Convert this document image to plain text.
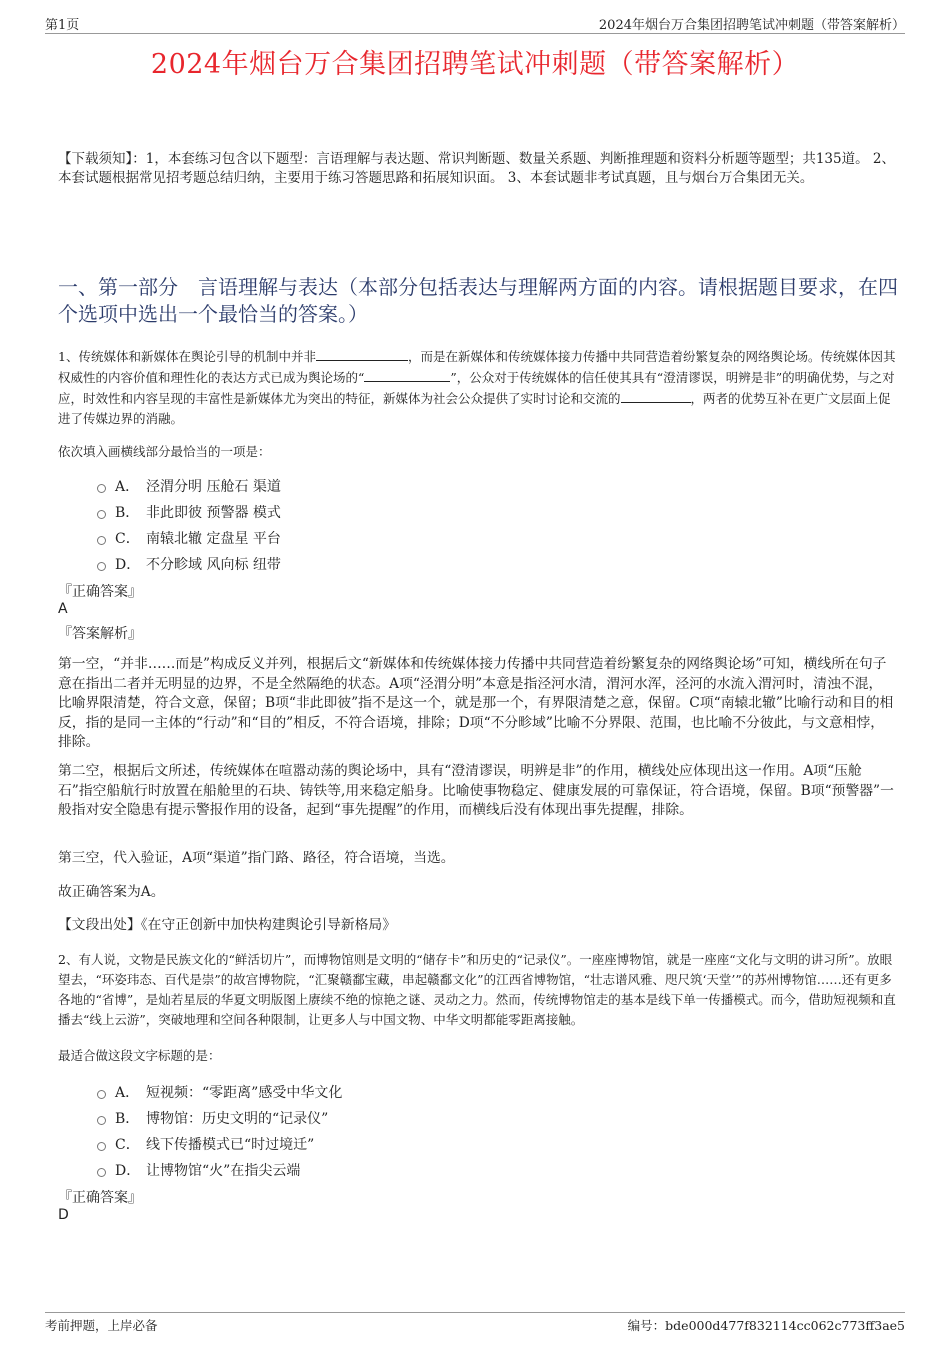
第1页	2024年烟台万合集团招聘笔试冲刺题（带答案解析）
2024年烟台万合集团招聘笔试冲刺题（带答案解析）
【下载须知】：1，本套练习包含以下题型：言语理解与表达题、常识判断题、数量关系题、判断推理题和资料分析题等题型；共135道。 2、本套试题根据常见招考题总结归纳，主要用于练习答题思路和拓展知识面。 3、本套试题非考试真题，且与烟台万合集团无关。
一、第一部分 言语理解与表达（本部分包括表达与理解两方面的内容。请根据题目要求，在四个选项中选出一个最恰当的答案。）
1、传统媒体和新媒体在舆论引导的机制中并非	，而是在新媒体和传统媒体接力传播中共同营造着纷繁复杂的网络舆论场。传统媒体因其权威性的内容价值和理性化的表达方式已成为舆论场的“	”，公众对于传统媒体的信任使其具有“澄清谬误，明辨是非”的明确优势，与之对应，时效性和内容呈现的丰富性是新媒体尤为突出的特征，新媒体为社会公众提供了实时讨论和交流的	，两者的优势互补在更广文层面上促进了传媒边界的消融。
依次填入画横线部分最恰当的一项是：
A． 泾渭分明 压舱石 渠道
B． 非此即彼 预警器 模式
C． 南辕北辙 定盘星 平台
D． 不分畛域 风向标 纽带
『正确答案』
A
『答案解析』
第一空，“并非……而是”构成反义并列，根据后文“新媒体和传统媒体接力传播中共同营造着纷繁复杂的网络舆论场”可知，横线所在句子意在指出二者并无明显的边界，不是全然隔绝的状态。A项“泾渭分明”本意是指泾河水清，渭河水浑，泾河的水流入渭河时，清浊不混，比喻界限清楚，符合文意，保留；B项“非此即彼”指不是这一个，就是那一个，有界限清楚之意，保留。C项“南辕北辙”比喻行动和目的相反，指的是同一主体的“行动”和“目的”相反，不符合语境，排除；D项“不分畛域”比喻不分界限、范围，也比喻不分彼此，与文意相悖，排除。
第二空，根据后文所述，传统媒体在喧嚣动荡的舆论场中，具有“澄清谬误，明辨是非”的作用，横线处应体现出这一作用。A项“压舱石”指空船航行时放置在船舱里的石块、铸铁等,用来稳定船身。比喻使事物稳定、健康发展的可靠保证，符合语境，保留。B项“预警器”一般指对安全隐患有提示警报作用的设备，起到“事先提醒”的作用，而横线后没有体现出事先提醒，排除。
第三空，代入验证，A项“渠道”指门路、路径，符合语境，当选。
故正确答案为A。
【文段出处】《在守正创新中加快构建舆论引导新格局》
2、有人说，文物是民族文化的“鲜活切片”，而博物馆则是文明的“储存卡”和历史的“记录仪”。一座座博物馆，就是一座座“文化与文明的讲习所”。放眼望去，“环姿玮态、百代是崇”的故宫博物院，“汇聚赣鄱宝藏，串起赣鄱文化”的江西省博物馆，“壮志谱风雅、咫尺筑‘天堂’”的苏州博物馆……还有更多各地的“省博”，是灿若星辰的华夏文明版图上赓续不绝的惊艳之谜、灵动之力。然而，传统博物馆走的基本是线下单一传播模式。而今，借助短视频和直播去“线上云游”，突破地理和空间各种限制，让更多人与中国文物、中华文明都能零距离接触。
最适合做这段文字标题的是：
A． 短视频：“零距离”感受中华文化
B． 博物馆：历史文明的“记录仪”
C． 线下传播模式已“时过境迁”
D． 让博物馆“火”在指尖云端
『正确答案』
D
考前押题，上岸必备	编号：bde000d477f832114cc062c773ff3ae5
